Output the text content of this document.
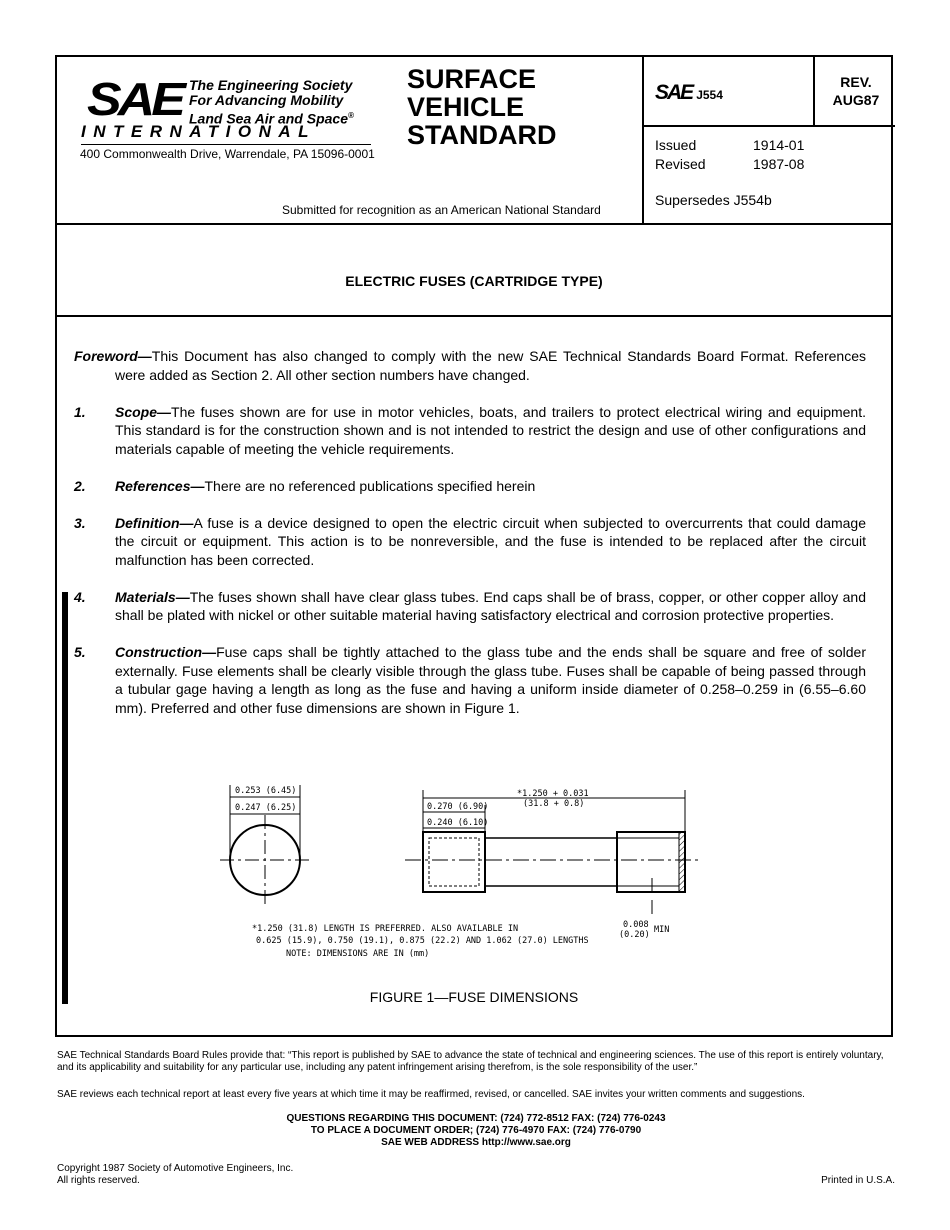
SAE The Engineering Society
For Advancing Mobility
Land Sea Air and Space®
INTERNATIONAL
400 Commonwealth Drive, Warrendale, PA 15096-0001
SURFACE
VEHICLE
STANDARD
Submitted for recognition as an American National Standard
SAE J554
REV.
AUG87
Issued	1914-01
Revised	1987-08
Supersedes J554b
ELECTRIC FUSES (CARTRIDGE TYPE)
Foreword—This Document has also changed to comply with the new SAE Technical Standards Board Format. References were added as Section 2. All other section numbers have changed.
1. Scope—The fuses shown are for use in motor vehicles, boats, and trailers to protect electrical wiring and equipment. This standard is for the construction shown and is not intended to restrict the design and use of other configurations and materials capable of meeting the vehicle requirements.
2. References—There are no referenced publications specified herein
3. Definition—A fuse is a device designed to open the electric circuit when subjected to overcurrents that could damage the circuit or equipment. This action is to be nonreversible, and the fuse is intended to be replaced after the circuit malfunction has been corrected.
4. Materials—The fuses shown shall have clear glass tubes. End caps shall be of brass, copper, or other copper alloy and shall be plated with nickel or other suitable material having satisfactory electrical and corrosion protective properties.
5. Construction—Fuse caps shall be tightly attached to the glass tube and the ends shall be square and free of solder externally. Fuse elements shall be clearly visible through the glass tube. Fuses shall be capable of being passed through a tubular gage having a length as long as the fuse and having a uniform inside diameter of 0.258–0.259 in (6.55–6.60 mm). Preferred and other fuse dimensions are shown in Figure 1.
FIGURE 1—FUSE DIMENSIONS
0.253 (6.45)
0.247 (6.25)
*1.250 + 0.031
(31.8 + 0.8)
0.270 (6.90)
0.240 (6.10)
0.008
(0.20) MIN
*1.250 (31.8) LENGTH IS PREFERRED. ALSO AVAILABLE IN
0.625 (15.9), 0.750 (19.1), 0.875 (22.2) AND 1.062 (27.0) LENGTHS
NOTE: DIMENSIONS ARE IN (mm)
SAE Technical Standards Board Rules provide that: “This report is published by SAE to advance the state of technical and engineering sciences. The use of this report is entirely voluntary, and its applicability and suitability for any particular use, including any patent infringement arising therefrom, is the sole responsibility of the user.”
SAE reviews each technical report at least every five years at which time it may be reaffirmed, revised, or cancelled. SAE invites your written comments and suggestions.
QUESTIONS REGARDING THIS DOCUMENT: (724) 772-8512 FAX: (724) 776-0243
TO PLACE A DOCUMENT ORDER; (724) 776-4970 FAX: (724) 776-0790
SAE WEB ADDRESS http://www.sae.org
Copyright 1987 Society of Automotive Engineers, Inc.
All rights reserved.	Printed in U.S.A.
